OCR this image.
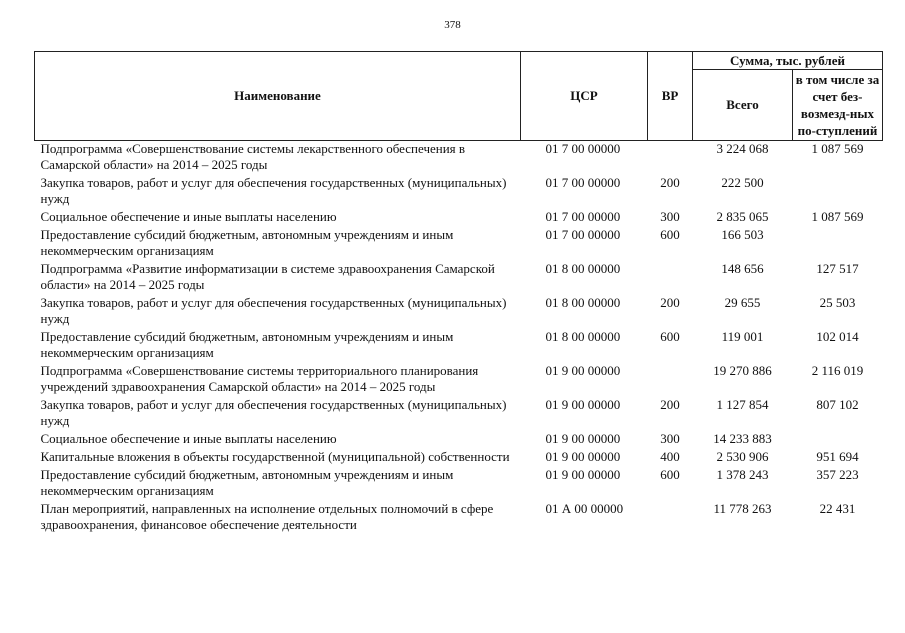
378
Наименование	ЦСР	ВР	Сумма, тыс. рублей	
			Всего	в том числе за счет без-возмезд-ных по-ступлений
Подпрограмма «Совершенствование системы лекарственного обеспечения в Самарской области» на 2014 – 2025 годы	01 7 00 00000		3 224 068	1 087 569
Закупка товаров, работ и услуг для обеспечения государственных (муниципальных) нужд	01 7 00 00000	200	222 500	
Социальное обеспечение и иные выплаты населению	01 7 00 00000	300	2 835 065	1 087 569
Предоставление субсидий бюджетным, автономным учреждениям и иным некоммерческим организациям	01 7 00 00000	600	166 503	
Подпрограмма «Развитие информатизации в системе здравоохранения Самарской области» на 2014 – 2025 годы	01 8 00 00000		148 656	127 517
Закупка товаров, работ и услуг для обеспечения государственных (муниципальных) нужд	01 8 00 00000	200	29 655	25 503
Предоставление субсидий бюджетным, автономным учреждениям и иным некоммерческим организациям	01 8 00 00000	600	119 001	102 014
Подпрограмма «Совершенствование системы территориального планирования учреждений здравоохранения Самарской области» на 2014 – 2025 годы	01 9 00 00000		19 270 886	2 116 019
Закупка товаров, работ и услуг для обеспечения государственных (муниципальных) нужд	01 9 00 00000	200	1 127 854	807 102
Социальное обеспечение и иные выплаты населению	01 9 00 00000	300	14 233 883	
Капитальные вложения в объекты государственной (муниципальной) собственности	01 9 00 00000	400	2 530 906	951 694
Предоставление субсидий бюджетным, автономным учреждениям и иным некоммерческим организациям	01 9 00 00000	600	1 378 243	357 223
План мероприятий, направленных на исполнение отдельных полномочий в сфере здравоохранения, финансовое обеспечение деятельности	01 А 00 00000		11 778 263	22 431
